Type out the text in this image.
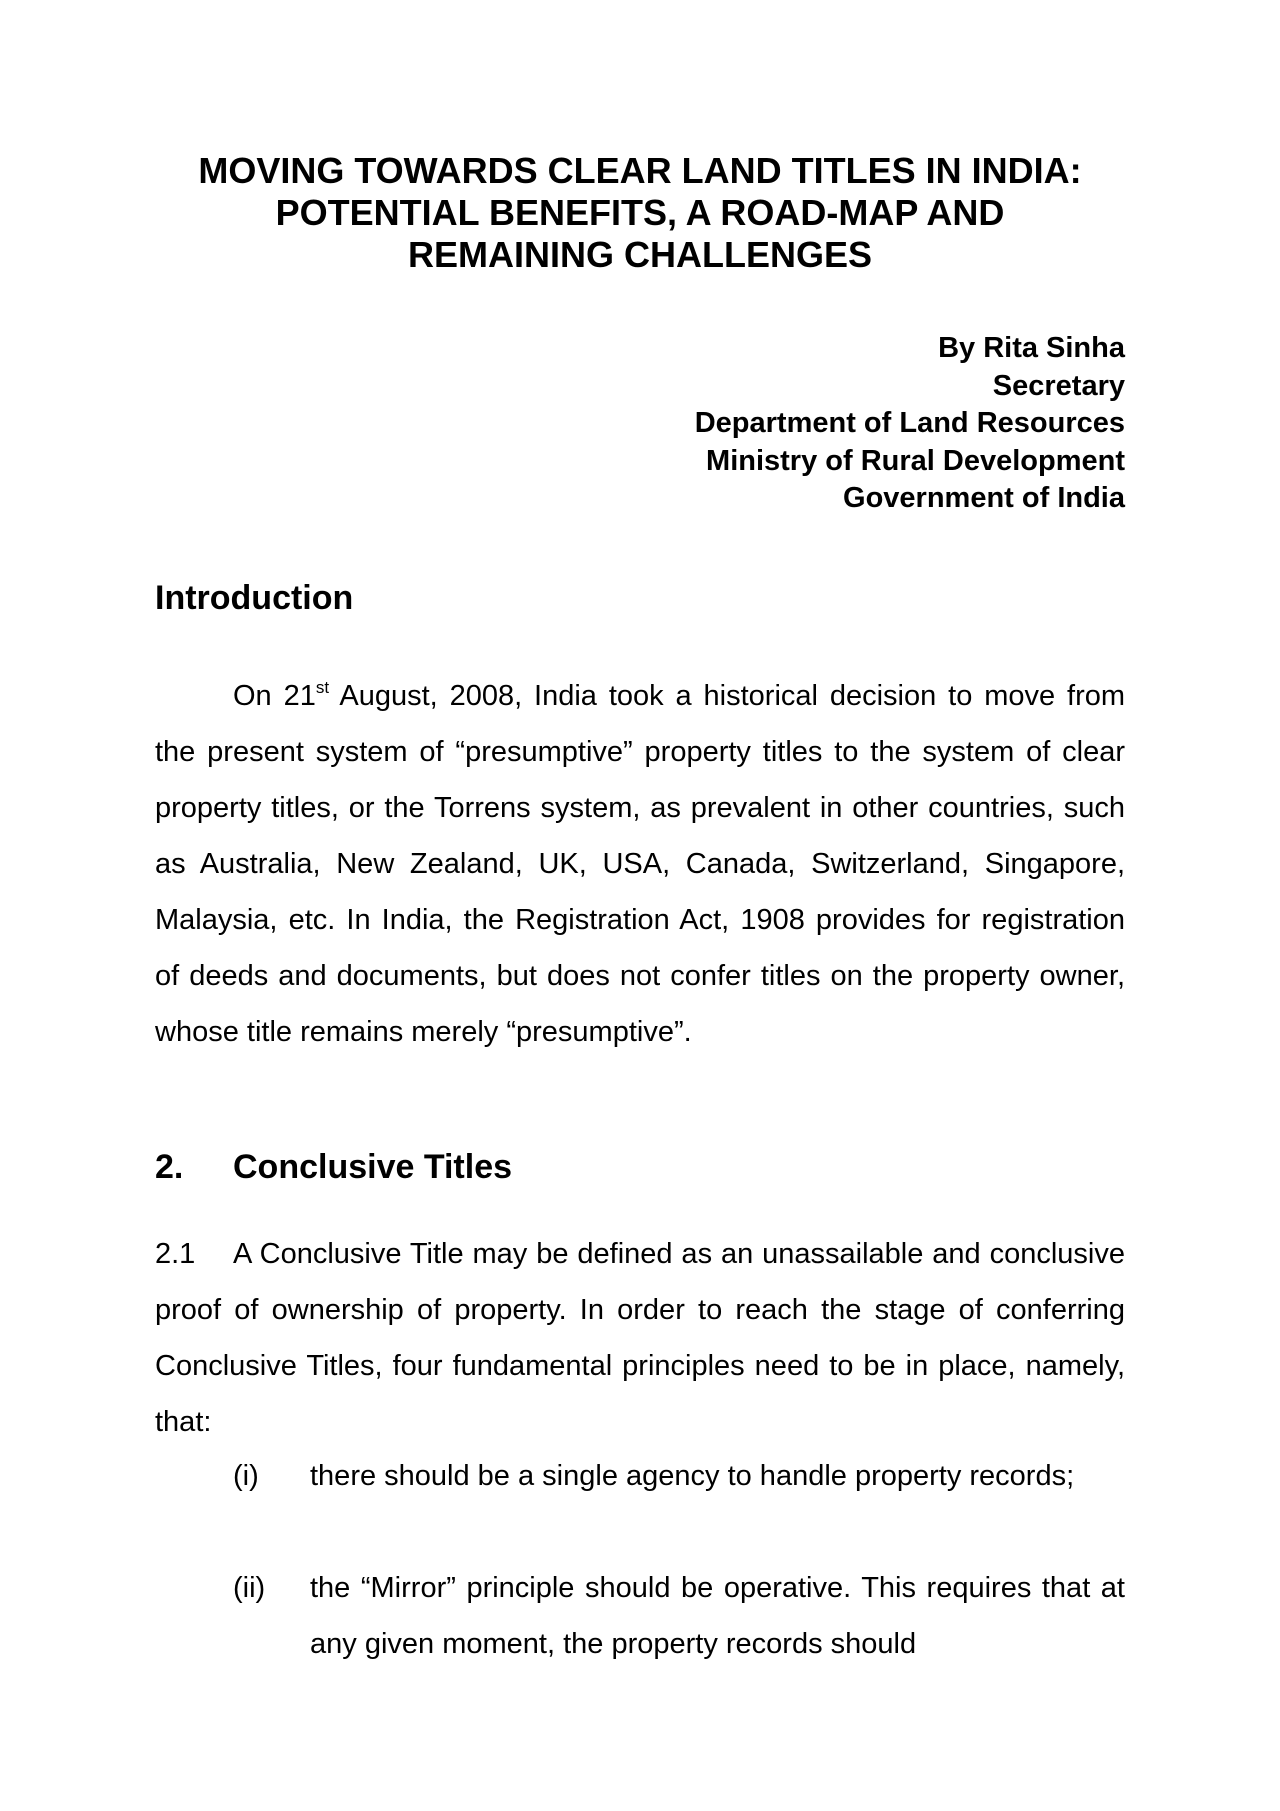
MOVING TOWARDS CLEAR LAND TITLES IN INDIA:
POTENTIAL BENEFITS, A ROAD-MAP AND
REMAINING CHALLENGES
By Rita Sinha
Secretary
Department of Land Resources
Ministry of Rural Development
Government of India
Introduction

On 21st August, 2008, India took a historical decision to move from the present system of “presumptive” property titles to the system of clear property titles, or the Torrens system, as prevalent in other countries, such as Australia, New Zealand, UK, USA, Canada, Switzerland, Singapore, Malaysia, etc. In India, the Registration Act, 1908 provides for registration of deeds and documents, but does not confer titles on the property owner, whose title remains merely “presumptive”.

2. Conclusive Titles

2.1 A Conclusive Title may be defined as an unassailable and conclusive proof of ownership of property. In order to reach the stage of conferring Conclusive Titles, four fundamental principles need to be in place, namely, that:

(i) there should be a single agency to handle property records;
(ii) the “Mirror” principle should be operative. This requires that at any given moment, the property records should
